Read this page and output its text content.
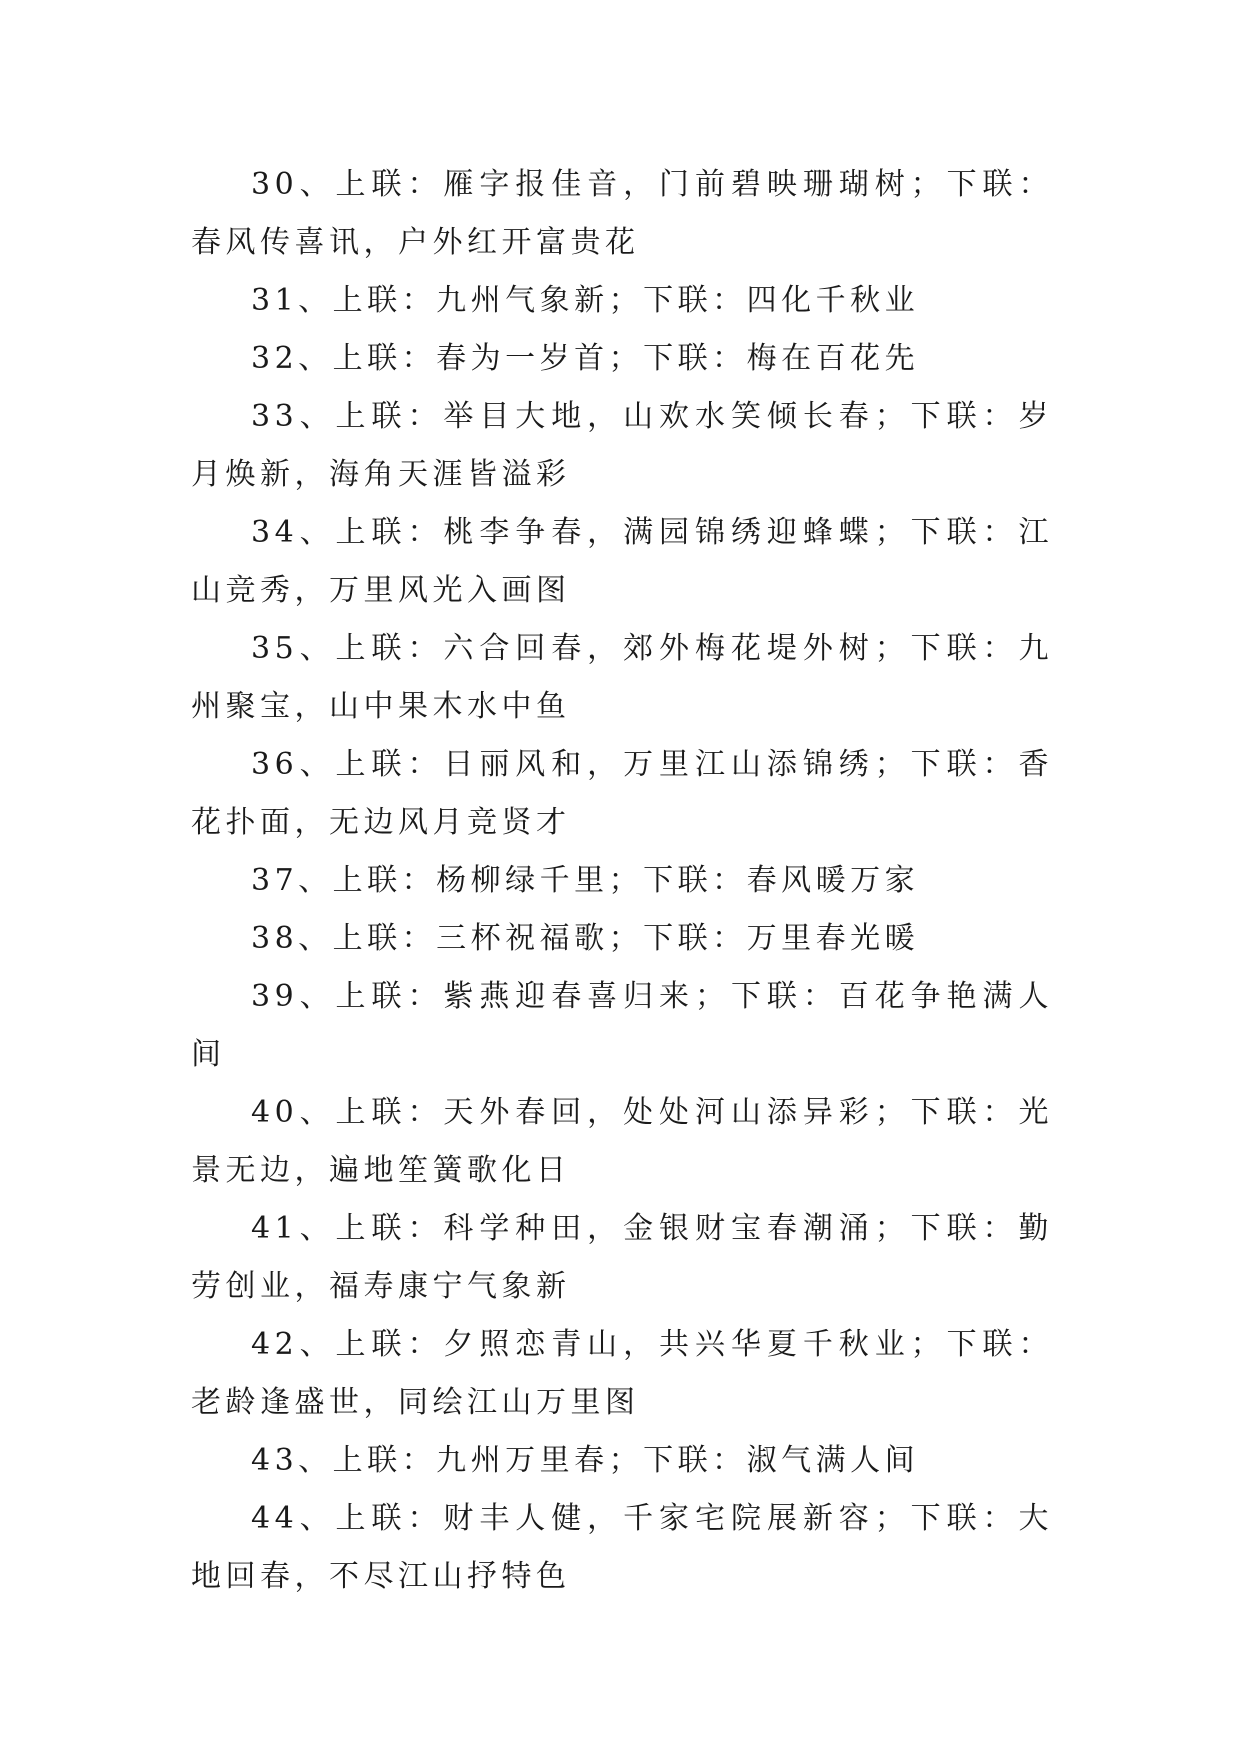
30、上联：雁字报佳音，门前碧映珊瑚树；下联：春风传喜讯，户外红开富贵花

31、上联：九州气象新；下联：四化千秋业

32、上联：春为一岁首；下联：梅在百花先

33、上联：举目大地，山欢水笑倾长春；下联：岁月焕新，海角天涯皆溢彩

34、上联：桃李争春，满园锦绣迎蜂蝶；下联：江山竞秀，万里风光入画图

35、上联：六合回春，郊外梅花堤外树；下联：九州聚宝，山中果木水中鱼

36、上联：日丽风和，万里江山添锦绣；下联：香花扑面，无边风月竞贤才

37、上联：杨柳绿千里；下联：春风暖万家

38、上联：三杯祝福歌；下联：万里春光暖

39、上联：紫燕迎春喜归来；下联：百花争艳满人间

40、上联：天外春回，处处河山添异彩；下联：光景无边，遍地笙簧歌化日

41、上联：科学种田，金银财宝春潮涌；下联：勤劳创业，福寿康宁气象新

42、上联：夕照恋青山，共兴华夏千秋业；下联：老龄逢盛世，同绘江山万里图

43、上联：九州万里春；下联：淑气满人间

44、上联：财丰人健，千家宅院展新容；下联：大地回春，不尽江山抒特色
